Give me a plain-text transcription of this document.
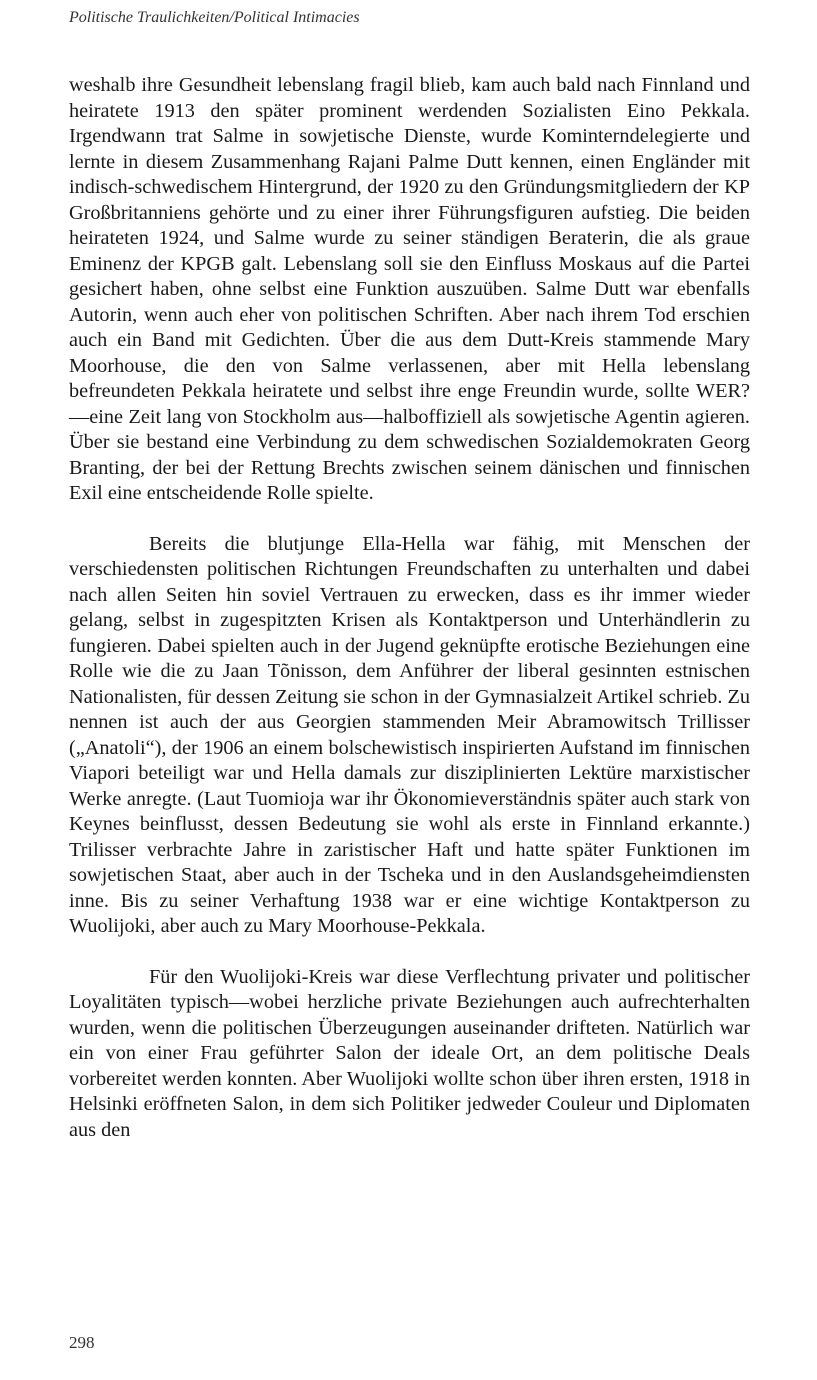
Politische Traulichkeiten/Political Intimacies

weshalb ihre Gesundheit lebenslang fragil blieb, kam auch bald nach Finnland und heiratete 1913 den später prominent werdenden Sozialisten Eino Pekkala. Irgendwann trat Salme in sowjetische Dienste, wurde Kominterndelegierte und lernte in diesem Zusammenhang Rajani Palme Dutt kennen, einen Engländer mit indisch-schwedischem Hintergrund, der 1920 zu den Gründungsmitgliedern der KP Großbritanniens gehörte und zu einer ihrer Führungsfiguren aufstieg. Die beiden heirateten 1924, und Salme wurde zu seiner ständigen Beraterin, die als graue Eminenz der KPGB galt. Lebenslang soll sie den Einfluss Moskaus auf die Partei gesichert haben, ohne selbst eine Funktion auszuüben. Salme Dutt war ebenfalls Autorin, wenn auch eher von politischen Schriften. Aber nach ihrem Tod erschien auch ein Band mit Gedichten. Über die aus dem Dutt-Kreis stammende Mary Moorhouse, die den von Salme verlassenen, aber mit Hella lebenslang befreundeten Pekkala heiratete und selbst ihre enge Freundin wurde, sollte WER?—eine Zeit lang von Stockholm aus—halboffiziell als sowjetische Agentin agieren. Über sie bestand eine Verbindung zu dem schwedischen Sozialdemokraten Georg Branting, der bei der Rettung Brechts zwischen seinem dänischen und finnischen Exil eine entscheidende Rolle spielte.

Bereits die blutjunge Ella-Hella war fähig, mit Menschen der verschiedensten politischen Richtungen Freundschaften zu unterhalten und dabei nach allen Seiten hin soviel Vertrauen zu erwecken, dass es ihr immer wieder gelang, selbst in zugespitzten Krisen als Kontaktperson und Unterhändlerin zu fungieren. Dabei spielten auch in der Jugend geknüpfte erotische Beziehungen eine Rolle wie die zu Jaan Tõnisson, dem Anführer der liberal gesinnten estnischen Nationalisten, für dessen Zeitung sie schon in der Gymnasialzeit Artikel schrieb. Zu nennen ist auch der aus Georgien stammenden Meir Abramowitsch Trillisser („Anatoli“), der 1906 an einem bolschewistisch inspirierten Aufstand im finnischen Viapori beteiligt war und Hella damals zur disziplinierten Lektüre marxistischer Werke anregte. (Laut Tuomioja war ihr Ökonomieverständnis später auch stark von Keynes beinflusst, dessen Bedeutung sie wohl als erste in Finnland erkannte.) Trilisser verbrachte Jahre in zaristischer Haft und hatte später Funktionen im sowjetischen Staat, aber auch in der Tscheka und in den Auslandsgeheimdiensten inne. Bis zu seiner Verhaftung 1938 war er eine wichtige Kontaktperson zu Wuolijoki, aber auch zu Mary Moorhouse-Pekkala.

Für den Wuolijoki-Kreis war diese Verflechtung privater und politischer Loyalitäten typisch—wobei herzliche private Beziehungen auch aufrechterhalten wurden, wenn die politischen Überzeugungen auseinander drifteten. Natürlich war ein von einer Frau geführter Salon der ideale Ort, an dem politische Deals vorbereitet werden konnten. Aber Wuolijoki wollte schon über ihren ersten, 1918 in Helsinki eröffneten Salon, in dem sich Politiker jedweder Couleur und Diplomaten aus den

298
